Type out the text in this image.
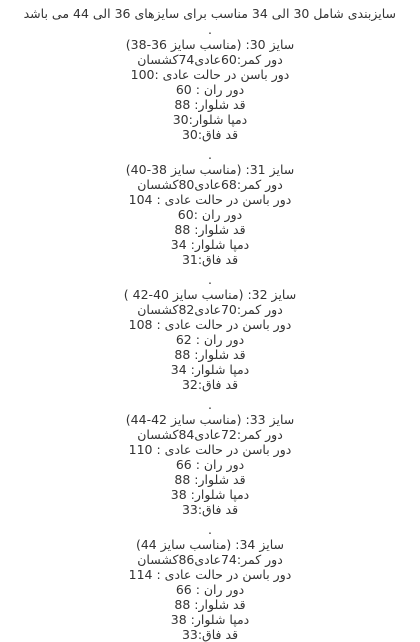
سایزبندی شامل 30 الی 34 مناسب برای سایزهای 36 الی 44 می باشد
.
سایز 30: (مناسب سایز 36-38)
دور کمر:60عادی74کشسان
دور باسن در حالت عادی :100
دور ران : 60
قد شلوار: 88
دمپا شلوار:30
قد فاق:30
.
سایز 31: (مناسب سایز 38-40)
دور کمر:68عادی80کشسان
دور باسن در حالت عادی : 104
دور ران :60
قد شلوار: 88
دمپا شلوار: 34
قد فاق:31
.
سایز 32: (مناسب سایز 40-42 )
دور کمر:70عادی82کشسان
دور باسن در حالت عادی : 108
دور ران : 62
قد شلوار: 88
دمپا شلوار: 34
قد فاق:32
.
سایز 33: (مناسب سایز 42-44)
دور کمر:72عادی84کشسان
دور باسن در حالت عادی : 110
دور ران : 66
قد شلوار: 88
دمپا شلوار: 38
قد فاق:33
.
سایز 34: (مناسب سایز 44)
دور کمر:74عادی86کشسان
دور باسن در حالت عادی : 114
دور ران : 66
قد شلوار: 88
دمپا شلوار: 38
قد فاق:33
